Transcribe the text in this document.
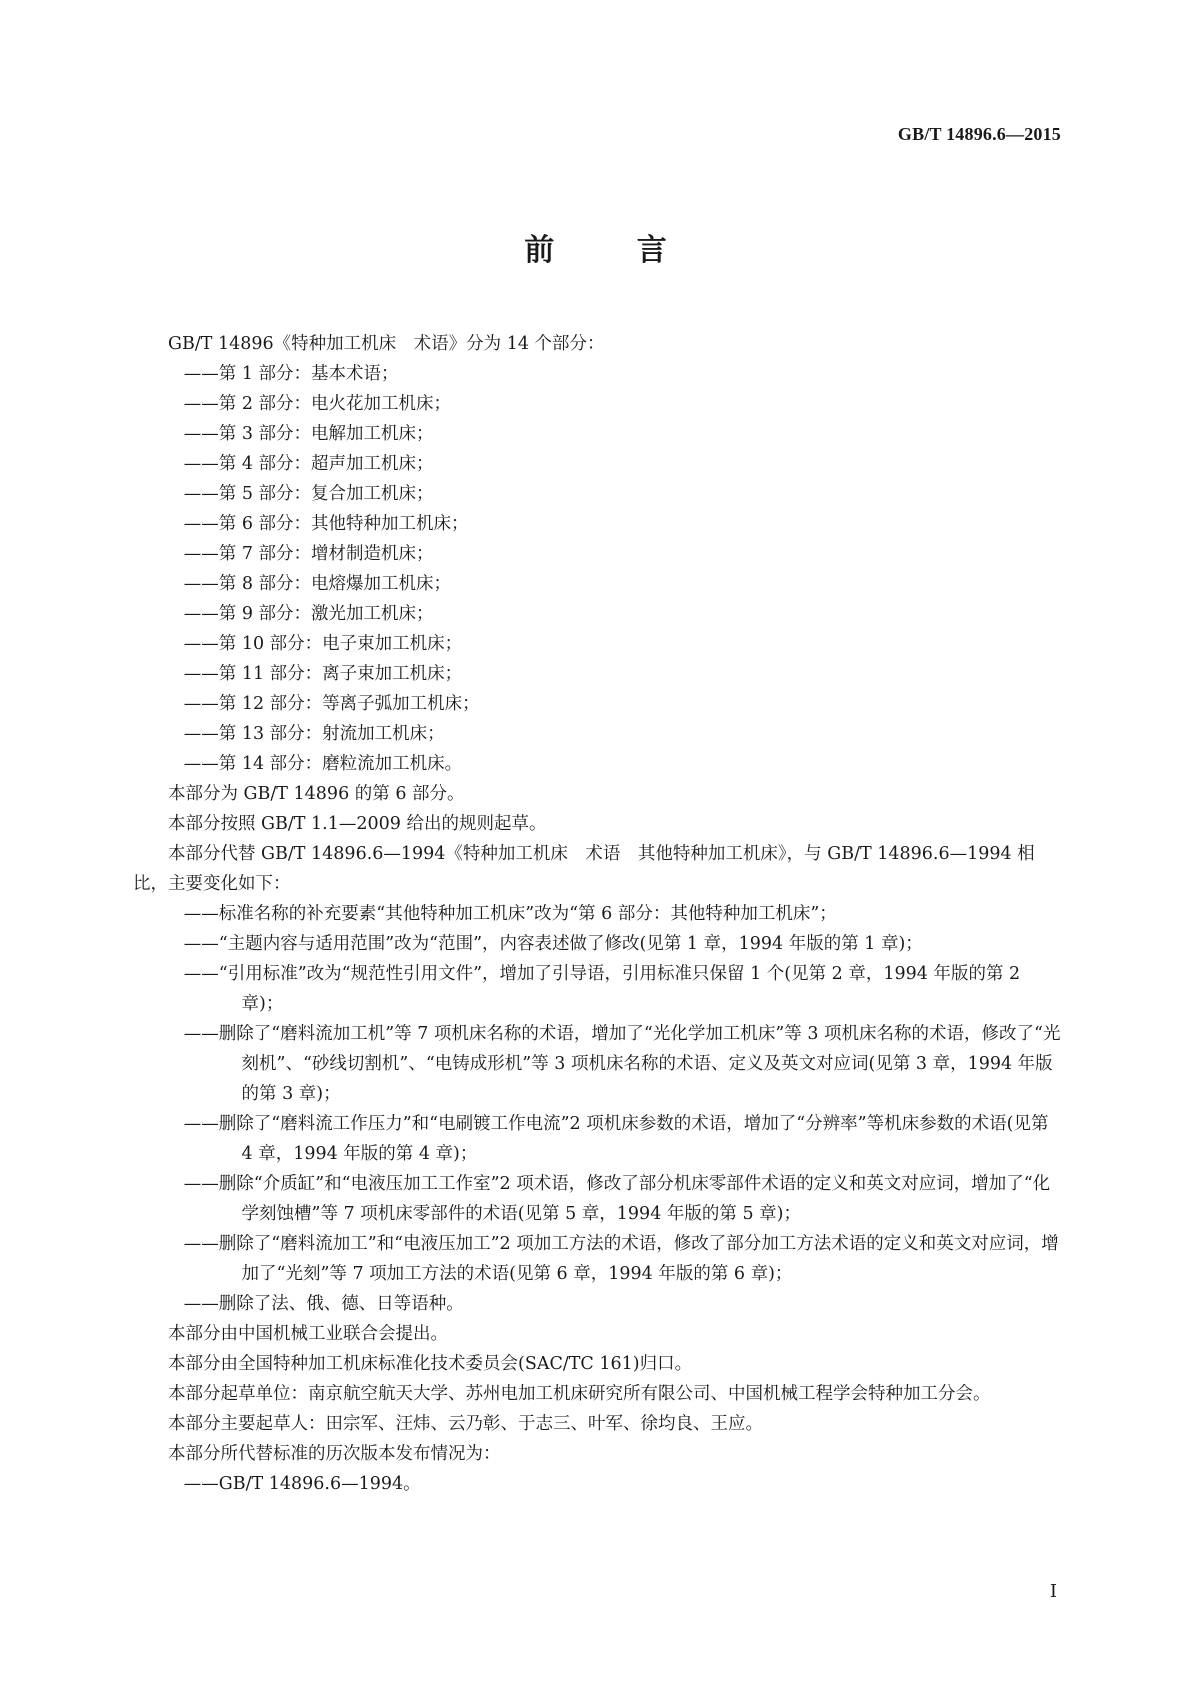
GB/T 14896.6—2015
前 言

GB/T 14896《特种加工机床　术语》分为 14 个部分：

——第 1 部分：基本术语；

——第 2 部分：电火花加工机床；

——第 3 部分：电解加工机床；

——第 4 部分：超声加工机床；

——第 5 部分：复合加工机床；

——第 6 部分：其他特种加工机床；

——第 7 部分：增材制造机床；

——第 8 部分：电熔爆加工机床；

——第 9 部分：激光加工机床；

——第 10 部分：电子束加工机床；

——第 11 部分：离子束加工机床；

——第 12 部分：等离子弧加工机床；

——第 13 部分：射流加工机床；

——第 14 部分：磨粒流加工机床。

本部分为 GB/T 14896 的第 6 部分。

本部分按照 GB/T 1.1—2009 给出的规则起草。

本部分代替 GB/T 14896.6—1994《特种加工机床　术语　其他特种加工机床》，与 GB/T 14896.6—1994 相比，主要变化如下：

——标准名称的补充要素“其他特种加工机床”改为“第 6 部分：其他特种加工机床”；

——“主题内容与适用范围”改为“范围”，内容表述做了修改(见第 1 章，1994 年版的第 1 章)；

——“引用标准”改为“规范性引用文件”，增加了引导语，引用标准只保留 1 个(见第 2 章，1994 年版的第 2 章)；

——删除了“磨料流加工机”等 7 项机床名称的术语，增加了“光化学加工机床”等 3 项机床名称的术语，修改了“光刻机”、“砂线切割机”、“电铸成形机”等 3 项机床名称的术语、定义及英文对应词(见第 3 章，1994 年版的第 3 章)；

——删除了“磨料流工作压力”和“电刷镀工作电流”2 项机床参数的术语，增加了“分辨率”等机床参数的术语(见第 4 章，1994 年版的第 4 章)；

——删除“介质缸”和“电液压加工工作室”2 项术语，修改了部分机床零部件术语的定义和英文对应词，增加了“化学刻蚀槽”等 7 项机床零部件的术语(见第 5 章，1994 年版的第 5 章)；

——删除了“磨料流加工”和“电液压加工”2 项加工方法的术语，修改了部分加工方法术语的定义和英文对应词，增加了“光刻”等 7 项加工方法的术语(见第 6 章，1994 年版的第 6 章)；

——删除了法、俄、德、日等语种。

本部分由中国机械工业联合会提出。

本部分由全国特种加工机床标准化技术委员会(SAC/TC 161)归口。

本部分起草单位：南京航空航天大学、苏州电加工机床研究所有限公司、中国机械工程学会特种加工分会。

本部分主要起草人：田宗军、汪炜、云乃彰、于志三、叶军、徐均良、王应。

本部分所代替标准的历次版本发布情况为：

——GB/T 14896.6—1994。

I
